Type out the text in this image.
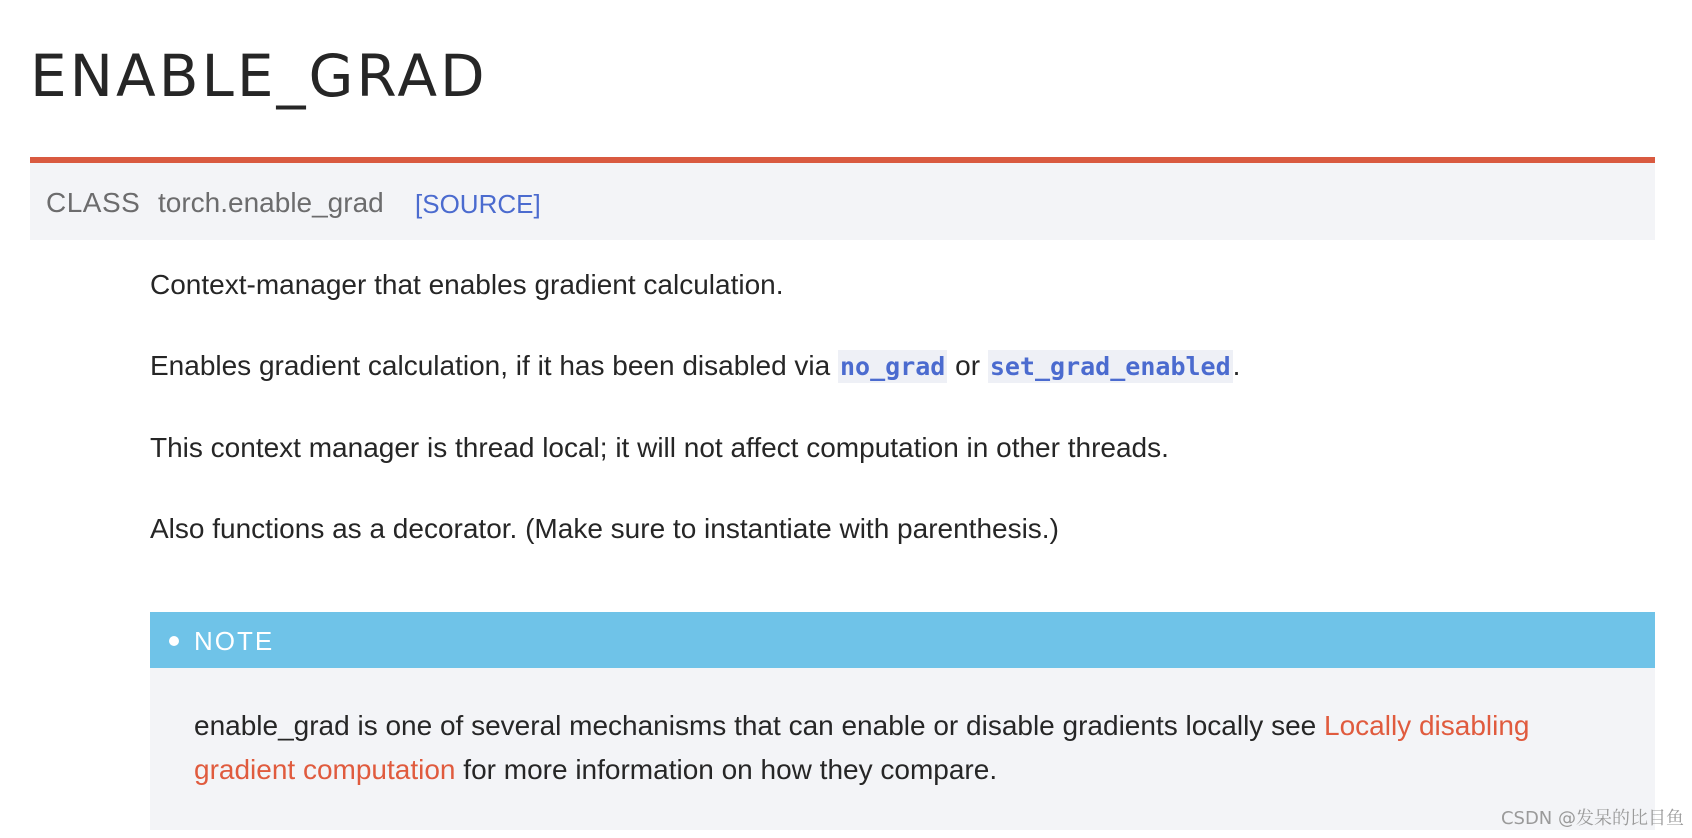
ENABLE_GRAD
CLASS torch.enable_grad [SOURCE]

Context-manager that enables gradient calculation.

Enables gradient calculation, if it has been disabled via no_grad or set_grad_enabled.

This context manager is thread local; it will not affect computation in other threads.

Also functions as a decorator. (Make sure to instantiate with parenthesis.)

NOTE

enable_grad is one of several mechanisms that can enable or disable gradients locally see Locally disabling gradient computation for more information on how they compare.

CSDN @发呆的比目鱼
